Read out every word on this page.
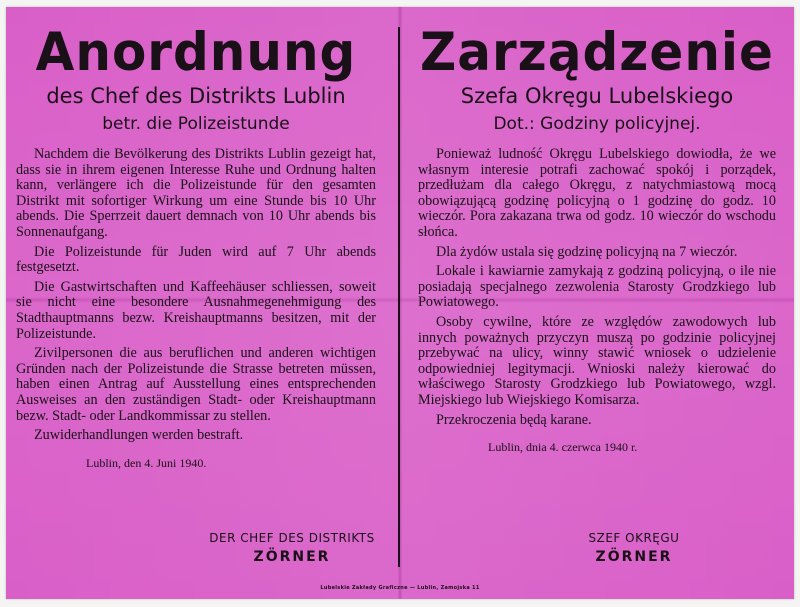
Anordnung
des Chef des Distrikts Lublin
betr. die Polizeistunde

Nachdem die Bevölkerung des Distrikts Lublin gezeigt hat, dass sie in ihrem eigenen Interesse Ruhe und Ordnung halten kann, verlängere ich die Polizeistunde für den gesamten Distrikt mit sofortiger Wirkung um eine Stunde bis 10 Uhr abends. Die Sperrzeit dauert demnach von 10 Uhr abends bis Sonnenaufgang.

Die Polizeistunde für Juden wird auf 7 Uhr abends festgesetzt.

Die Gastwirtschaften und Kaffeehäuser schliessen, soweit sie nicht eine besondere Ausnahmegenehmigung des Stadthauptmanns bezw. Kreishauptmanns besitzen, mit der Polizeistunde.

Zivilpersonen die aus beruflichen und anderen wichtigen Gründen nach der Polizeistunde die Strasse betreten müssen, haben einen Antrag auf Ausstellung eines entsprechenden Ausweises an den zuständigen Stadt- oder Kreishauptmann bezw. Stadt- oder Landkommissar zu stellen.

Zuwiderhandlungen werden bestraft.

Lublin, den 4. Juni 1940.
DER CHEF DES DISTRIKTS
ZÖRNER
Zarządzenie
Szefa Okręgu Lubelskiego
Dot.: Godziny policyjnej.

Ponieważ ludność Okręgu Lubelskiego dowiodła, że we własnym interesie potrafi zachować spokój i porządek, przedłużam dla całego Okręgu, z natychmiastową mocą obowiązującą godzinę policyjną o 1 godzinę do godz. 10 wieczór. Pora zakazana trwa od godz. 10 wieczór do wschodu słońca.

Dla żydów ustala się godzinę policyjną na 7 wieczór.

Lokale i kawiarnie zamykają z godziną policyjną, o ile nie posiadają specjalnego zezwolenia Starosty Grodzkiego lub Powiatowego.

Osoby cywilne, które ze względów zawodowych lub innych poważnych przyczyn muszą po godzinie policyjnej przebywać na ulicy, winny stawić wniosek o udzielenie odpowiedniej legitymacji. Wnioski należy kierować do właściwego Starosty Grodzkiego lub Powiatowego, wzgl. Miejskiego lub Wiejskiego Komisarza.

Przekroczenia będą karane.

Lublin, dnia 4. czerwca 1940 r.
SZEF OKRĘGU
ZÖRNER
Lubelskie Zakłady Graficzne — Lublin, Zamojska 11
